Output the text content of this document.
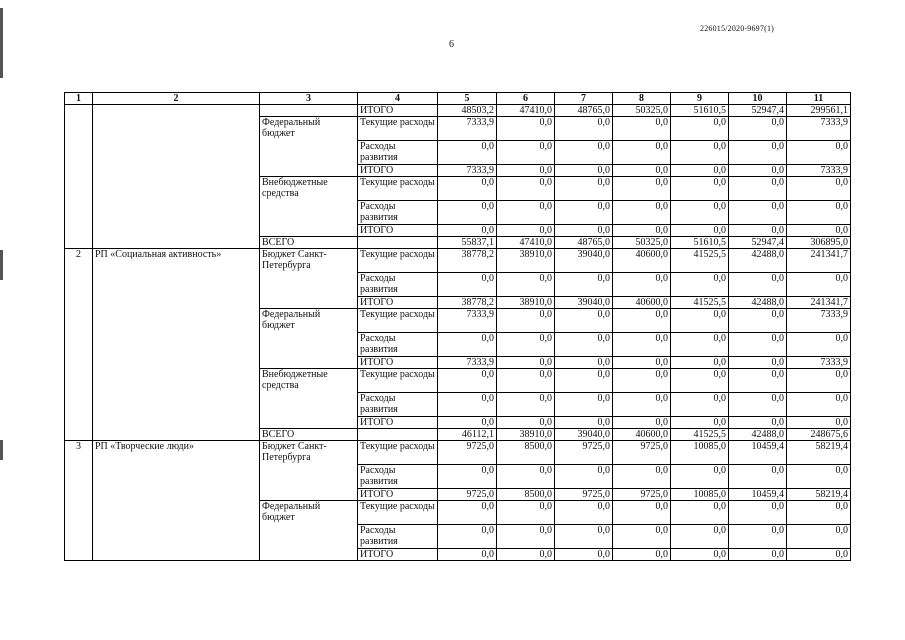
226015/2020-9697(1)
6
1	2	3	4	5	6	7	8	9	10	11
			ИТОГО	48503,2	47410,0	48765,0	50325,0	51610,5	52947,4	299561,1
		Федеральный бюджет	Текущие расходы	7333,9	0,0	0,0	0,0	0,0	0,0	7333,9
			Расходы развития	0,0	0,0	0,0	0,0	0,0	0,0	0,0
			ИТОГО	7333,9	0,0	0,0	0,0	0,0	0,0	7333,9
		Внебюджетные средства	Текущие расходы	0,0	0,0	0,0	0,0	0,0	0,0	0,0
			Расходы развития	0,0	0,0	0,0	0,0	0,0	0,0	0,0
			ИТОГО	0,0	0,0	0,0	0,0	0,0	0,0	0,0
		ВСЕГО		55837,1	47410,0	48765,0	50325,0	51610,5	52947,4	306895,0
2	РП «Социальная активность»	Бюджет Санкт-Петербурга	Текущие расходы	38778,2	38910,0	39040,0	40600,0	41525,5	42488,0	241341,7
			Расходы развития	0,0	0,0	0,0	0,0	0,0	0,0	0,0
			ИТОГО	38778,2	38910,0	39040,0	40600,0	41525,5	42488,0	241341,7
		Федеральный бюджет	Текущие расходы	7333,9	0,0	0,0	0,0	0,0	0,0	7333,9
			Расходы развития	0,0	0,0	0,0	0,0	0,0	0,0	0,0
			ИТОГО	7333,9	0,0	0,0	0,0	0,0	0,0	7333,9
		Внебюджетные средства	Текущие расходы	0,0	0,0	0,0	0,0	0,0	0,0	0,0
			Расходы развития	0,0	0,0	0,0	0,0	0,0	0,0	0,0
			ИТОГО	0,0	0,0	0,0	0,0	0,0	0,0	0,0
		ВСЕГО		46112,1	38910,0	39040,0	40600,0	41525,5	42488,0	248675,6
3	РП «Творческие люди»	Бюджет Санкт-Петербурга	Текущие расходы	9725,0	8500,0	9725,0	9725,0	10085,0	10459,4	58219,4
			Расходы развития	0,0	0,0	0,0	0,0	0,0	0,0	0,0
			ИТОГО	9725,0	8500,0	9725,0	9725,0	10085,0	10459,4	58219,4
		Федеральный бюджет	Текущие расходы	0,0	0,0	0,0	0,0	0,0	0,0	0,0
			Расходы развития	0,0	0,0	0,0	0,0	0,0	0,0	0,0
			ИТОГО	0,0	0,0	0,0	0,0	0,0	0,0	0,0
